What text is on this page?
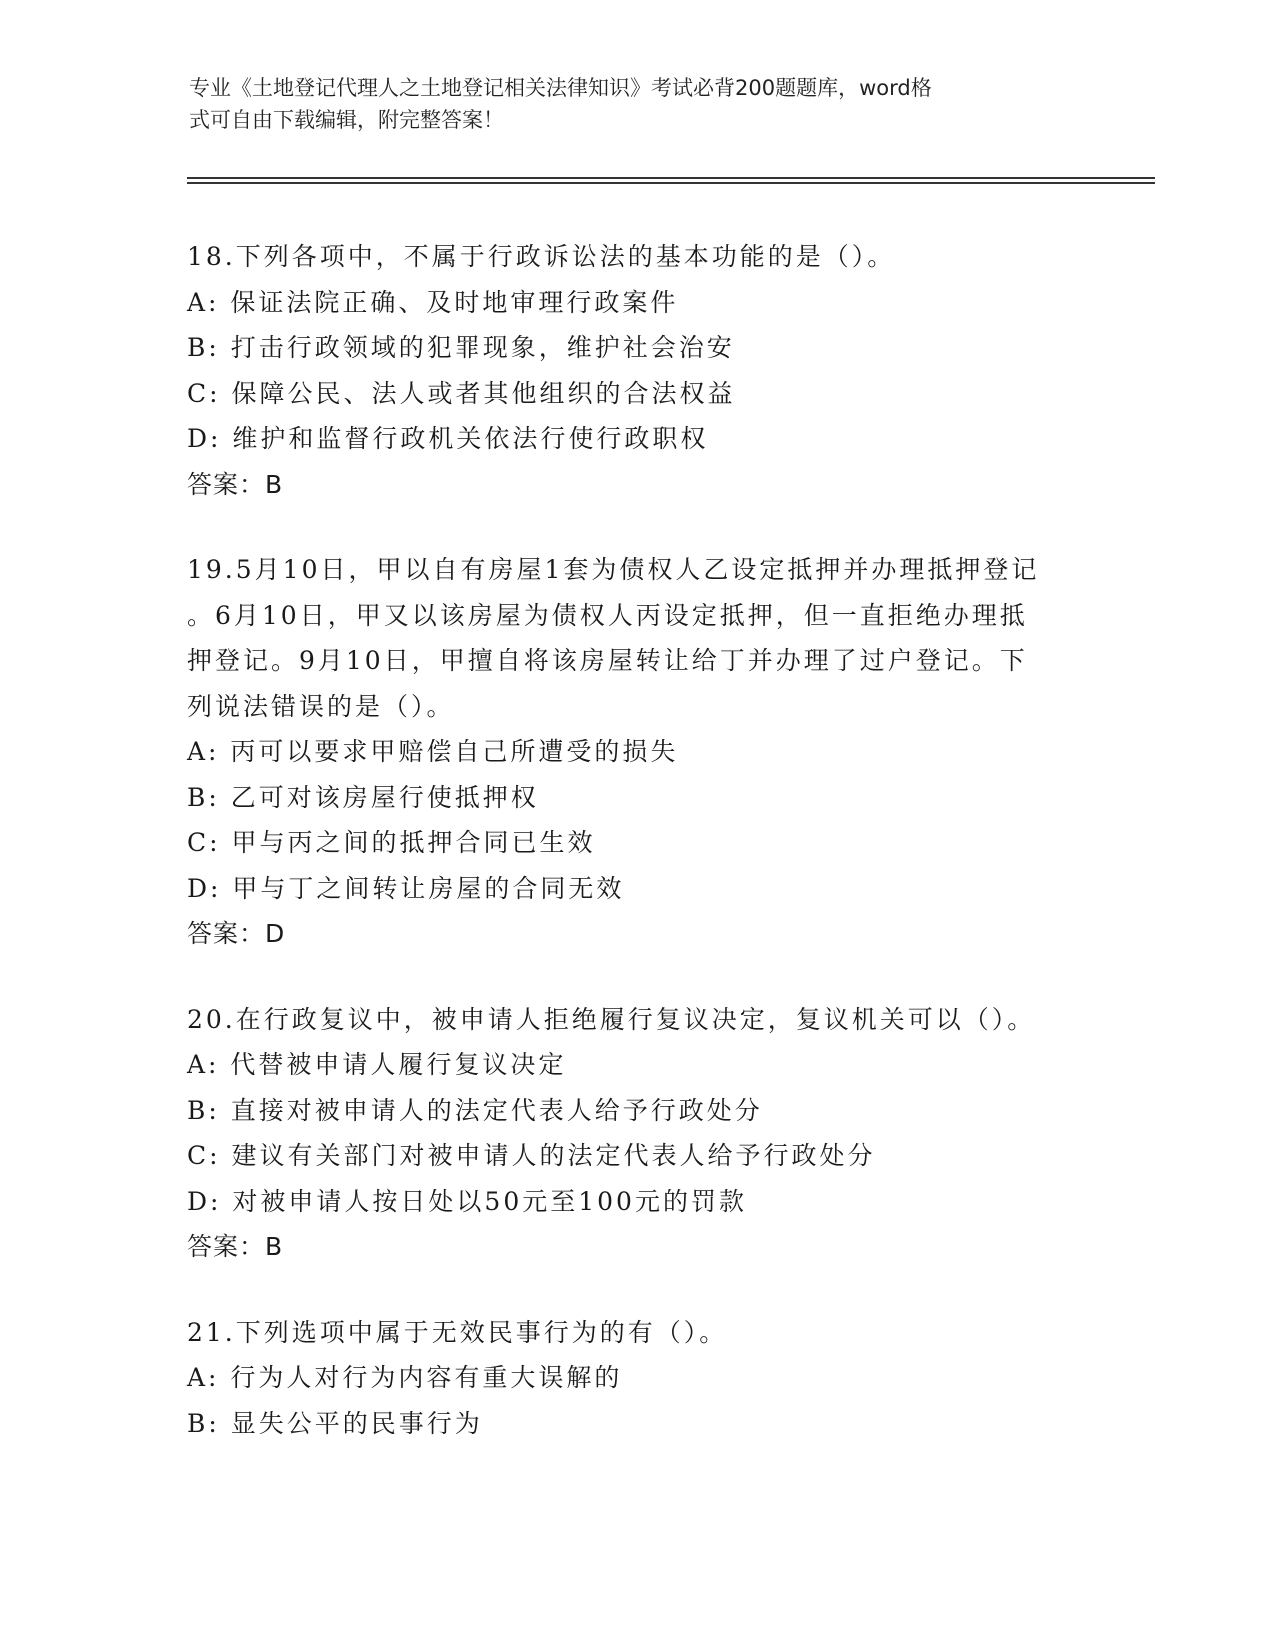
专业《土地登记代理人之土地登记相关法律知识》考试必背200题题库，word格
式可自由下载编辑，附完整答案！
18.下列各项中，不属于行政诉讼法的基本功能的是（）。
A: 保证法院正确、及时地审理行政案件
B: 打击行政领域的犯罪现象，维护社会治安
C: 保障公民、法人或者其他组织的合法权益
D: 维护和监督行政机关依法行使行政职权
答案：B
19.5月10日，甲以自有房屋1套为债权人乙设定抵押并办理抵押登记
。6月10日，甲又以该房屋为债权人丙设定抵押，但一直拒绝办理抵
押登记。9月10日，甲擅自将该房屋转让给丁并办理了过户登记。下
列说法错误的是（）。
A: 丙可以要求甲赔偿自己所遭受的损失
B: 乙可对该房屋行使抵押权
C: 甲与丙之间的抵押合同已生效
D: 甲与丁之间转让房屋的合同无效
答案：D
20.在行政复议中，被申请人拒绝履行复议决定，复议机关可以（）。
A: 代替被申请人履行复议决定
B: 直接对被申请人的法定代表人给予行政处分
C: 建议有关部门对被申请人的法定代表人给予行政处分
D: 对被申请人按日处以50元至100元的罚款
答案：B
21.下列选项中属于无效民事行为的有（）。
A: 行为人对行为内容有重大误解的
B: 显失公平的民事行为
